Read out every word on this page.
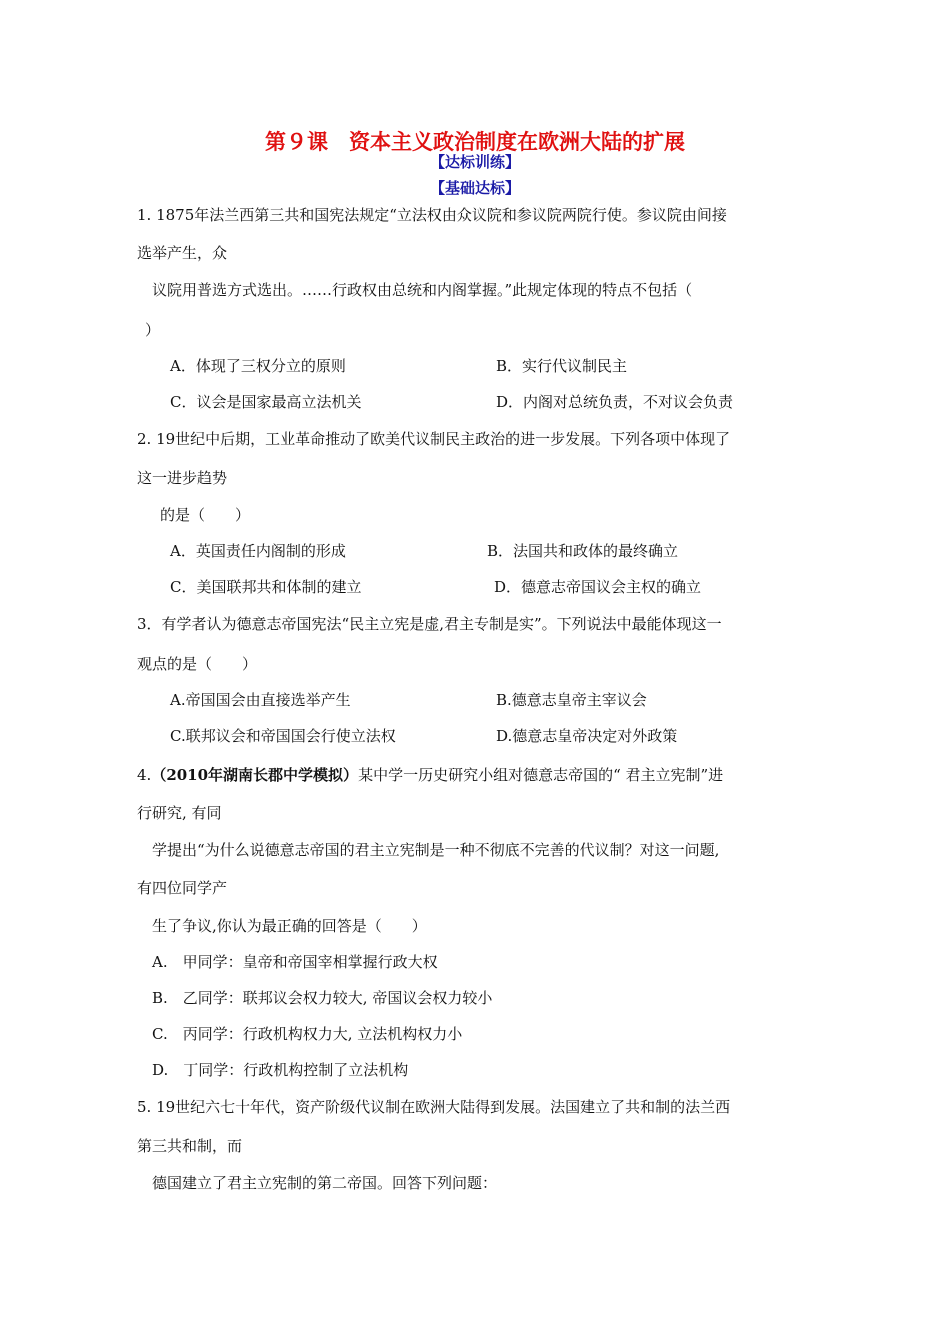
第９课　资本主义政治制度在欧洲大陆的扩展
【达标训练】
【基础达标】
1. 1875年法兰西第三共和国宪法规定“立法权由众议院和参议院两院行使。参议院由间接
选举产生，众
议院用普选方式选出。……行政权由总统和内阁掌握。”此规定体现的特点不包括（
）
A．体现了三权分立的原则	B．实行代议制民主
C．议会是国家最高立法机关	D．内阁对总统负责，不对议会负责
2. 19世纪中后期，工业革命推动了欧美代议制民主政治的进一步发展。下列各项中体现了
这一进步趋势
的是（　　）
A．英国责任内阁制的形成	B．法国共和政体的最终确立
C．美国联邦共和体制的建立	D．德意志帝国议会主权的确立
3．有学者认为德意志帝国宪法“民主立宪是虚,君主专制是实”。下列说法中最能体现这一
观点的是（　　）
A.帝国国会由直接选举产生	B.德意志皇帝主宰议会
C.联邦议会和帝国国会行使立法权	D.德意志皇帝决定对外政策
4.（2010年湖南长郡中学模拟）某中学一历史研究小组对德意志帝国的“ 君主立宪制”进
行研究, 有同
学提出“为什么说德意志帝国的君主立宪制是一种不彻底不完善的代议制？对这一问题,
有四位同学产
生了争议,你认为最正确的回答是（　　）
A.　甲同学：皇帝和帝国宰相掌握行政大权
B.　乙同学：联邦议会权力较大, 帝国议会权力较小
C.　丙同学：行政机构权力大, 立法机构权力小
D.　丁同学：行政机构控制了立法机构
5. 19世纪六七十年代，资产阶级代议制在欧洲大陆得到发展。法国建立了共和制的法兰西
第三共和制，而
德国建立了君主立宪制的第二帝国。回答下列问题：
